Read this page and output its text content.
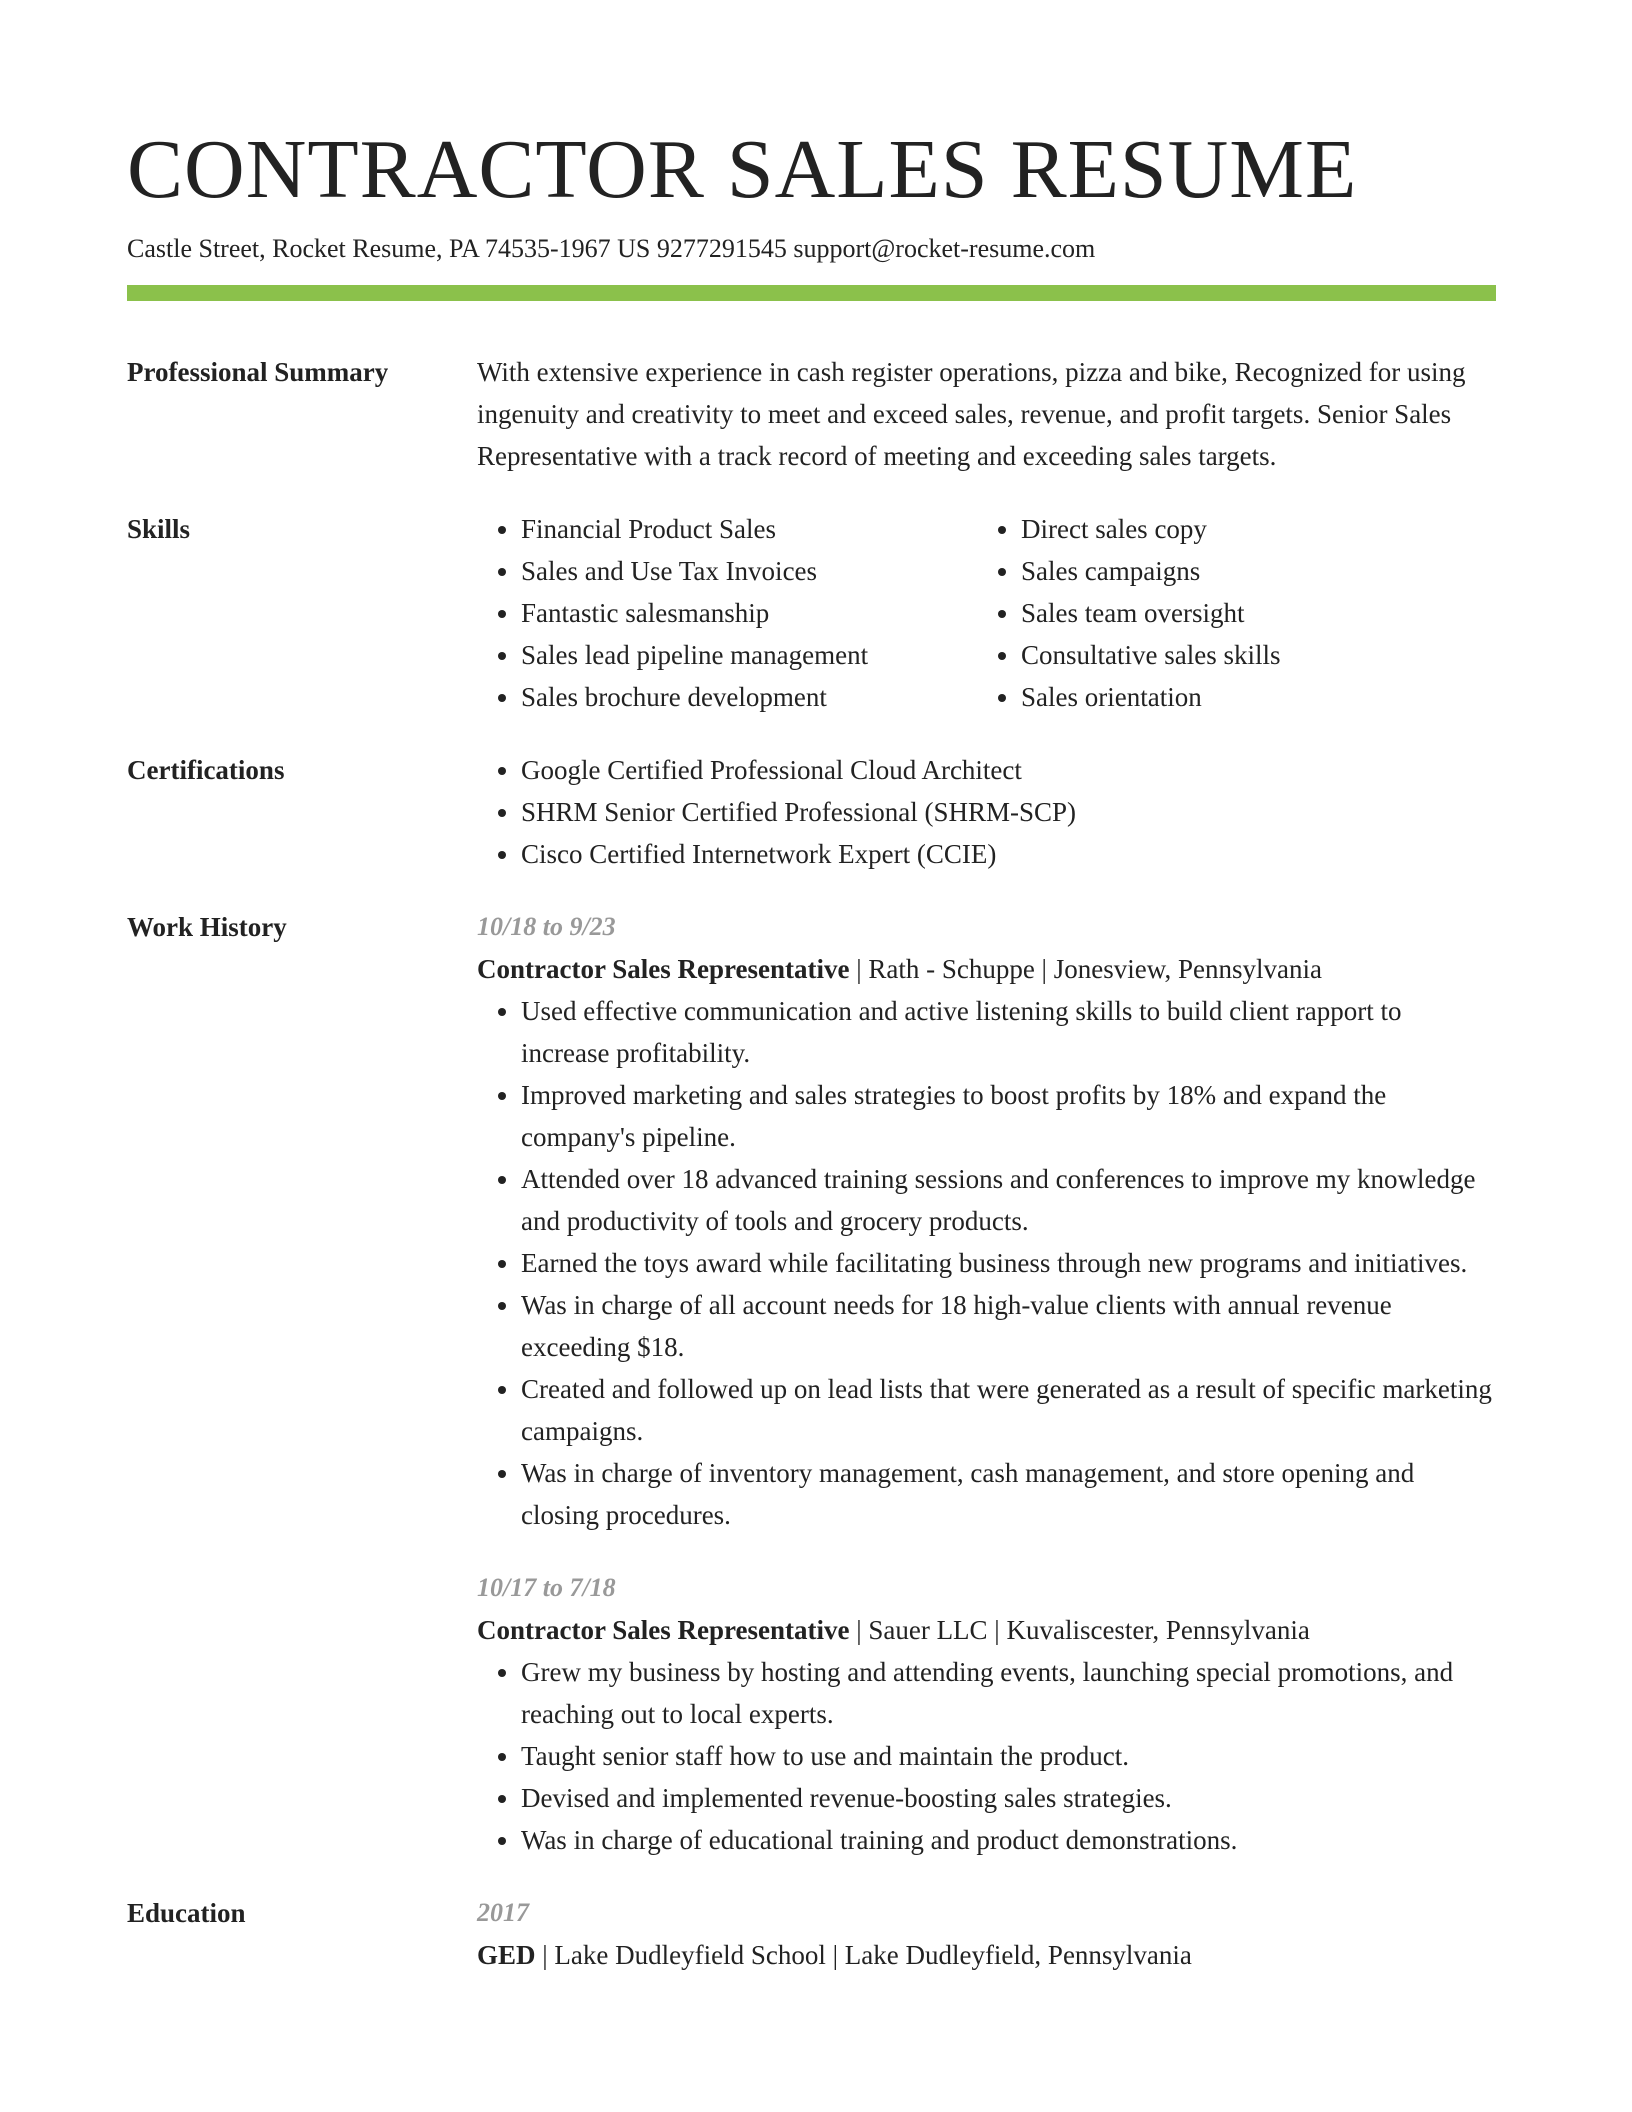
CONTRACTOR SALES RESUME
Castle Street, Rocket Resume, PA 74535-1967 US 9277291545 support@rocket-resume.com
Professional Summary	With extensive experience in cash register operations, pizza and bike, Recognized for using ingenuity and creativity to meet and exceed sales, revenue, and profit targets. Senior Sales Representative with a track record of meeting and exceeding sales targets.

Skills	• Financial Product Sales
• Sales and Use Tax Invoices
• Fantastic salesmanship
• Sales lead pipeline management
• Sales brochure development
• Direct sales copy
• Sales campaigns
• Sales team oversight
• Consultative sales skills
• Sales orientation
Certifications	• Google Certified Professional Cloud Architect
• SHRM Senior Certified Professional (SHRM-SCP)
• Cisco Certified Internetwork Expert (CCIE)
Work History	10/18 to 9/23
Contractor Sales Representative | Rath - Schuppe | Jonesview, Pennsylvania
• Used effective communication and active listening skills to build client rapport to increase profitability.
• Improved marketing and sales strategies to boost profits by 18% and expand the company's pipeline.
• Attended over 18 advanced training sessions and conferences to improve my knowledge and productivity of tools and grocery products.
• Earned the toys award while facilitating business through new programs and initiatives.
• Was in charge of all account needs for 18 high-value clients with annual revenue exceeding $18.
• Created and followed up on lead lists that were generated as a result of specific marketing campaigns.
• Was in charge of inventory management, cash management, and store opening and closing procedures.
10/17 to 7/18
Contractor Sales Representative | Sauer LLC | Kuvaliscester, Pennsylvania
• Grew my business by hosting and attending events, launching special promotions, and reaching out to local experts.
• Taught senior staff how to use and maintain the product.
• Devised and implemented revenue-boosting sales strategies.
• Was in charge of educational training and product demonstrations.
Education	2017
GED | Lake Dudleyfield School | Lake Dudleyfield, Pennsylvania
